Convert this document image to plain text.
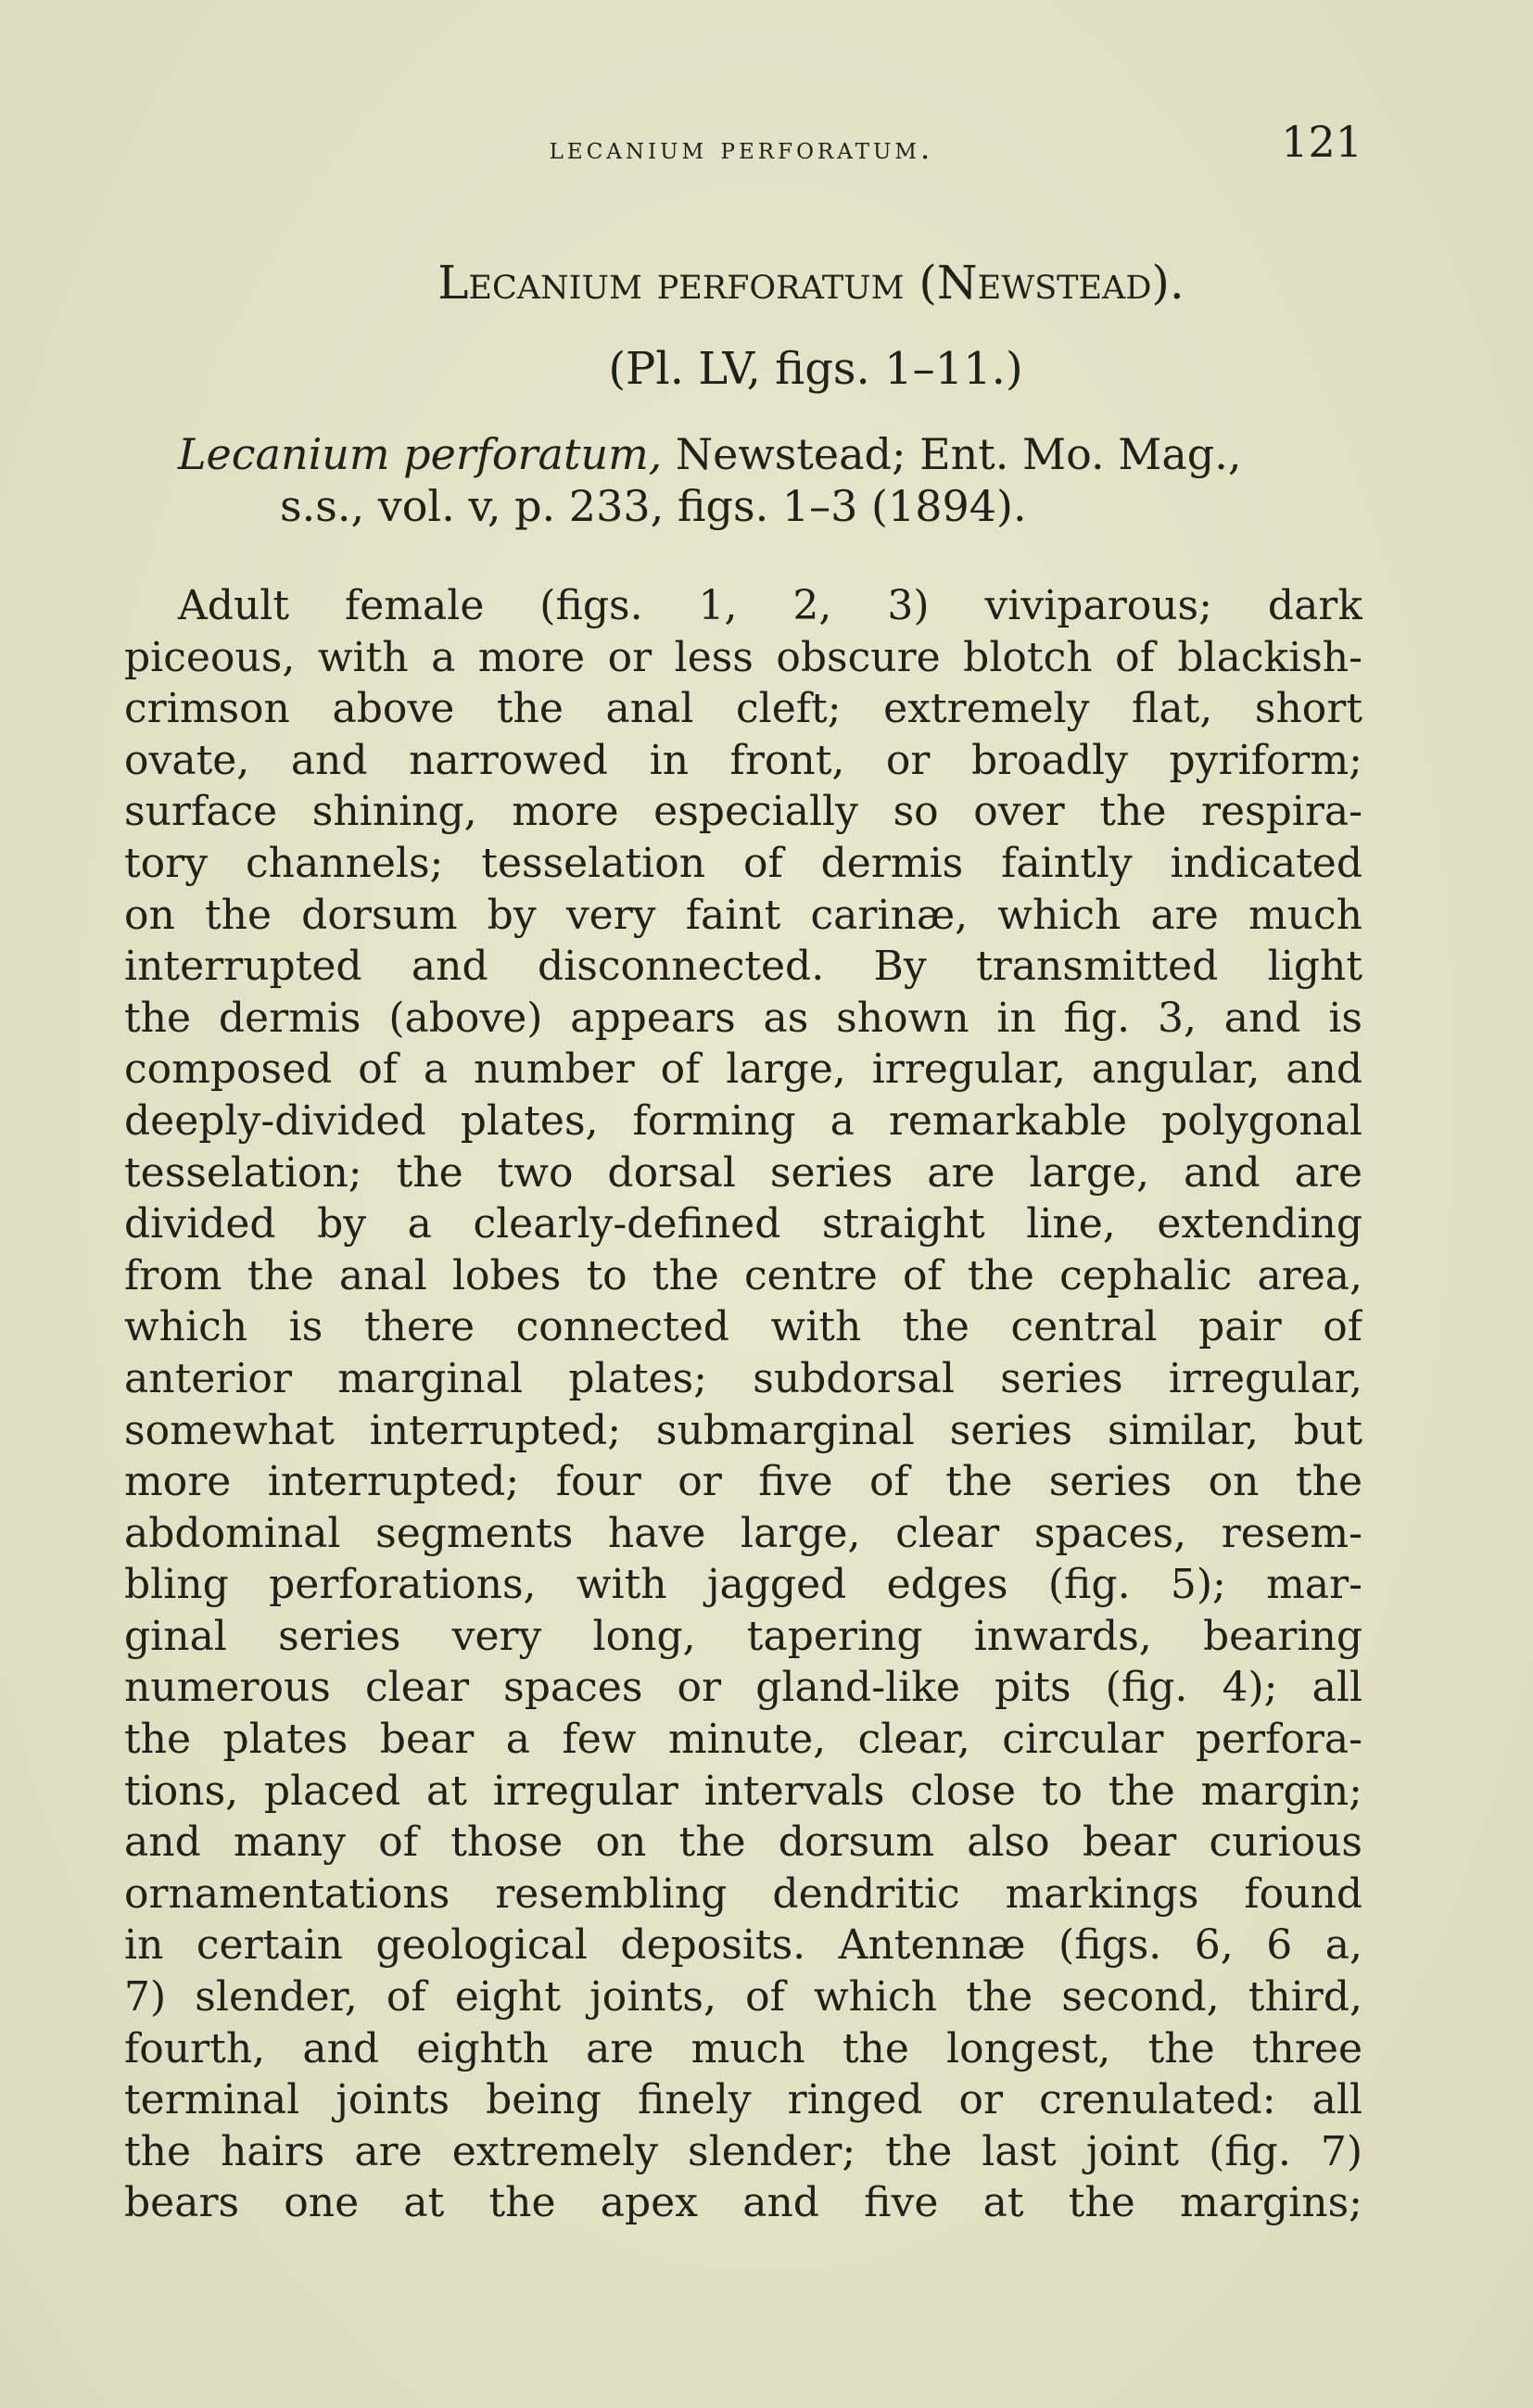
lecanium perforatum.	121
Lecanium perforatum (Newstead).
(Pl. LV, figs. 1–11.)
Lecanium perforatum, Newstead; Ent. Mo. Mag.,
s.s., vol. v, p. 233, figs. 1–3 (1894).
Adult female (figs. 1, 2, 3) viviparous; dark
piceous, with a more or less obscure blotch of blackish-
crimson above the anal cleft; extremely flat, short
ovate, and narrowed in front, or broadly pyriform;
surface shining, more especially so over the respira-
tory channels; tesselation of dermis faintly indicated
on the dorsum by very faint carinæ, which are much
interrupted and disconnected. By transmitted light
the dermis (above) appears as shown in fig. 3, and is
composed of a number of large, irregular, angular, and
deeply-divided plates, forming a remarkable polygonal
tesselation; the two dorsal series are large, and are
divided by a clearly-defined straight line, extending
from the anal lobes to the centre of the cephalic area,
which is there connected with the central pair of
anterior marginal plates; subdorsal series irregular,
somewhat interrupted; submarginal series similar, but
more interrupted; four or five of the series on the
abdominal segments have large, clear spaces, resem-
bling perforations, with jagged edges (fig. 5); mar-
ginal series very long, tapering inwards, bearing
numerous clear spaces or gland-like pits (fig. 4); all
the plates bear a few minute, clear, circular perfora-
tions, placed at irregular intervals close to the margin;
and many of those on the dorsum also bear curious
ornamentations resembling dendritic markings found
in certain geological deposits. Antennæ (figs. 6, 6 a,
7) slender, of eight joints, of which the second, third,
fourth, and eighth are much the longest, the three
terminal joints being finely ringed or crenulated: all
the hairs are extremely slender; the last joint (fig. 7)
bears one at the apex and five at the margins;
